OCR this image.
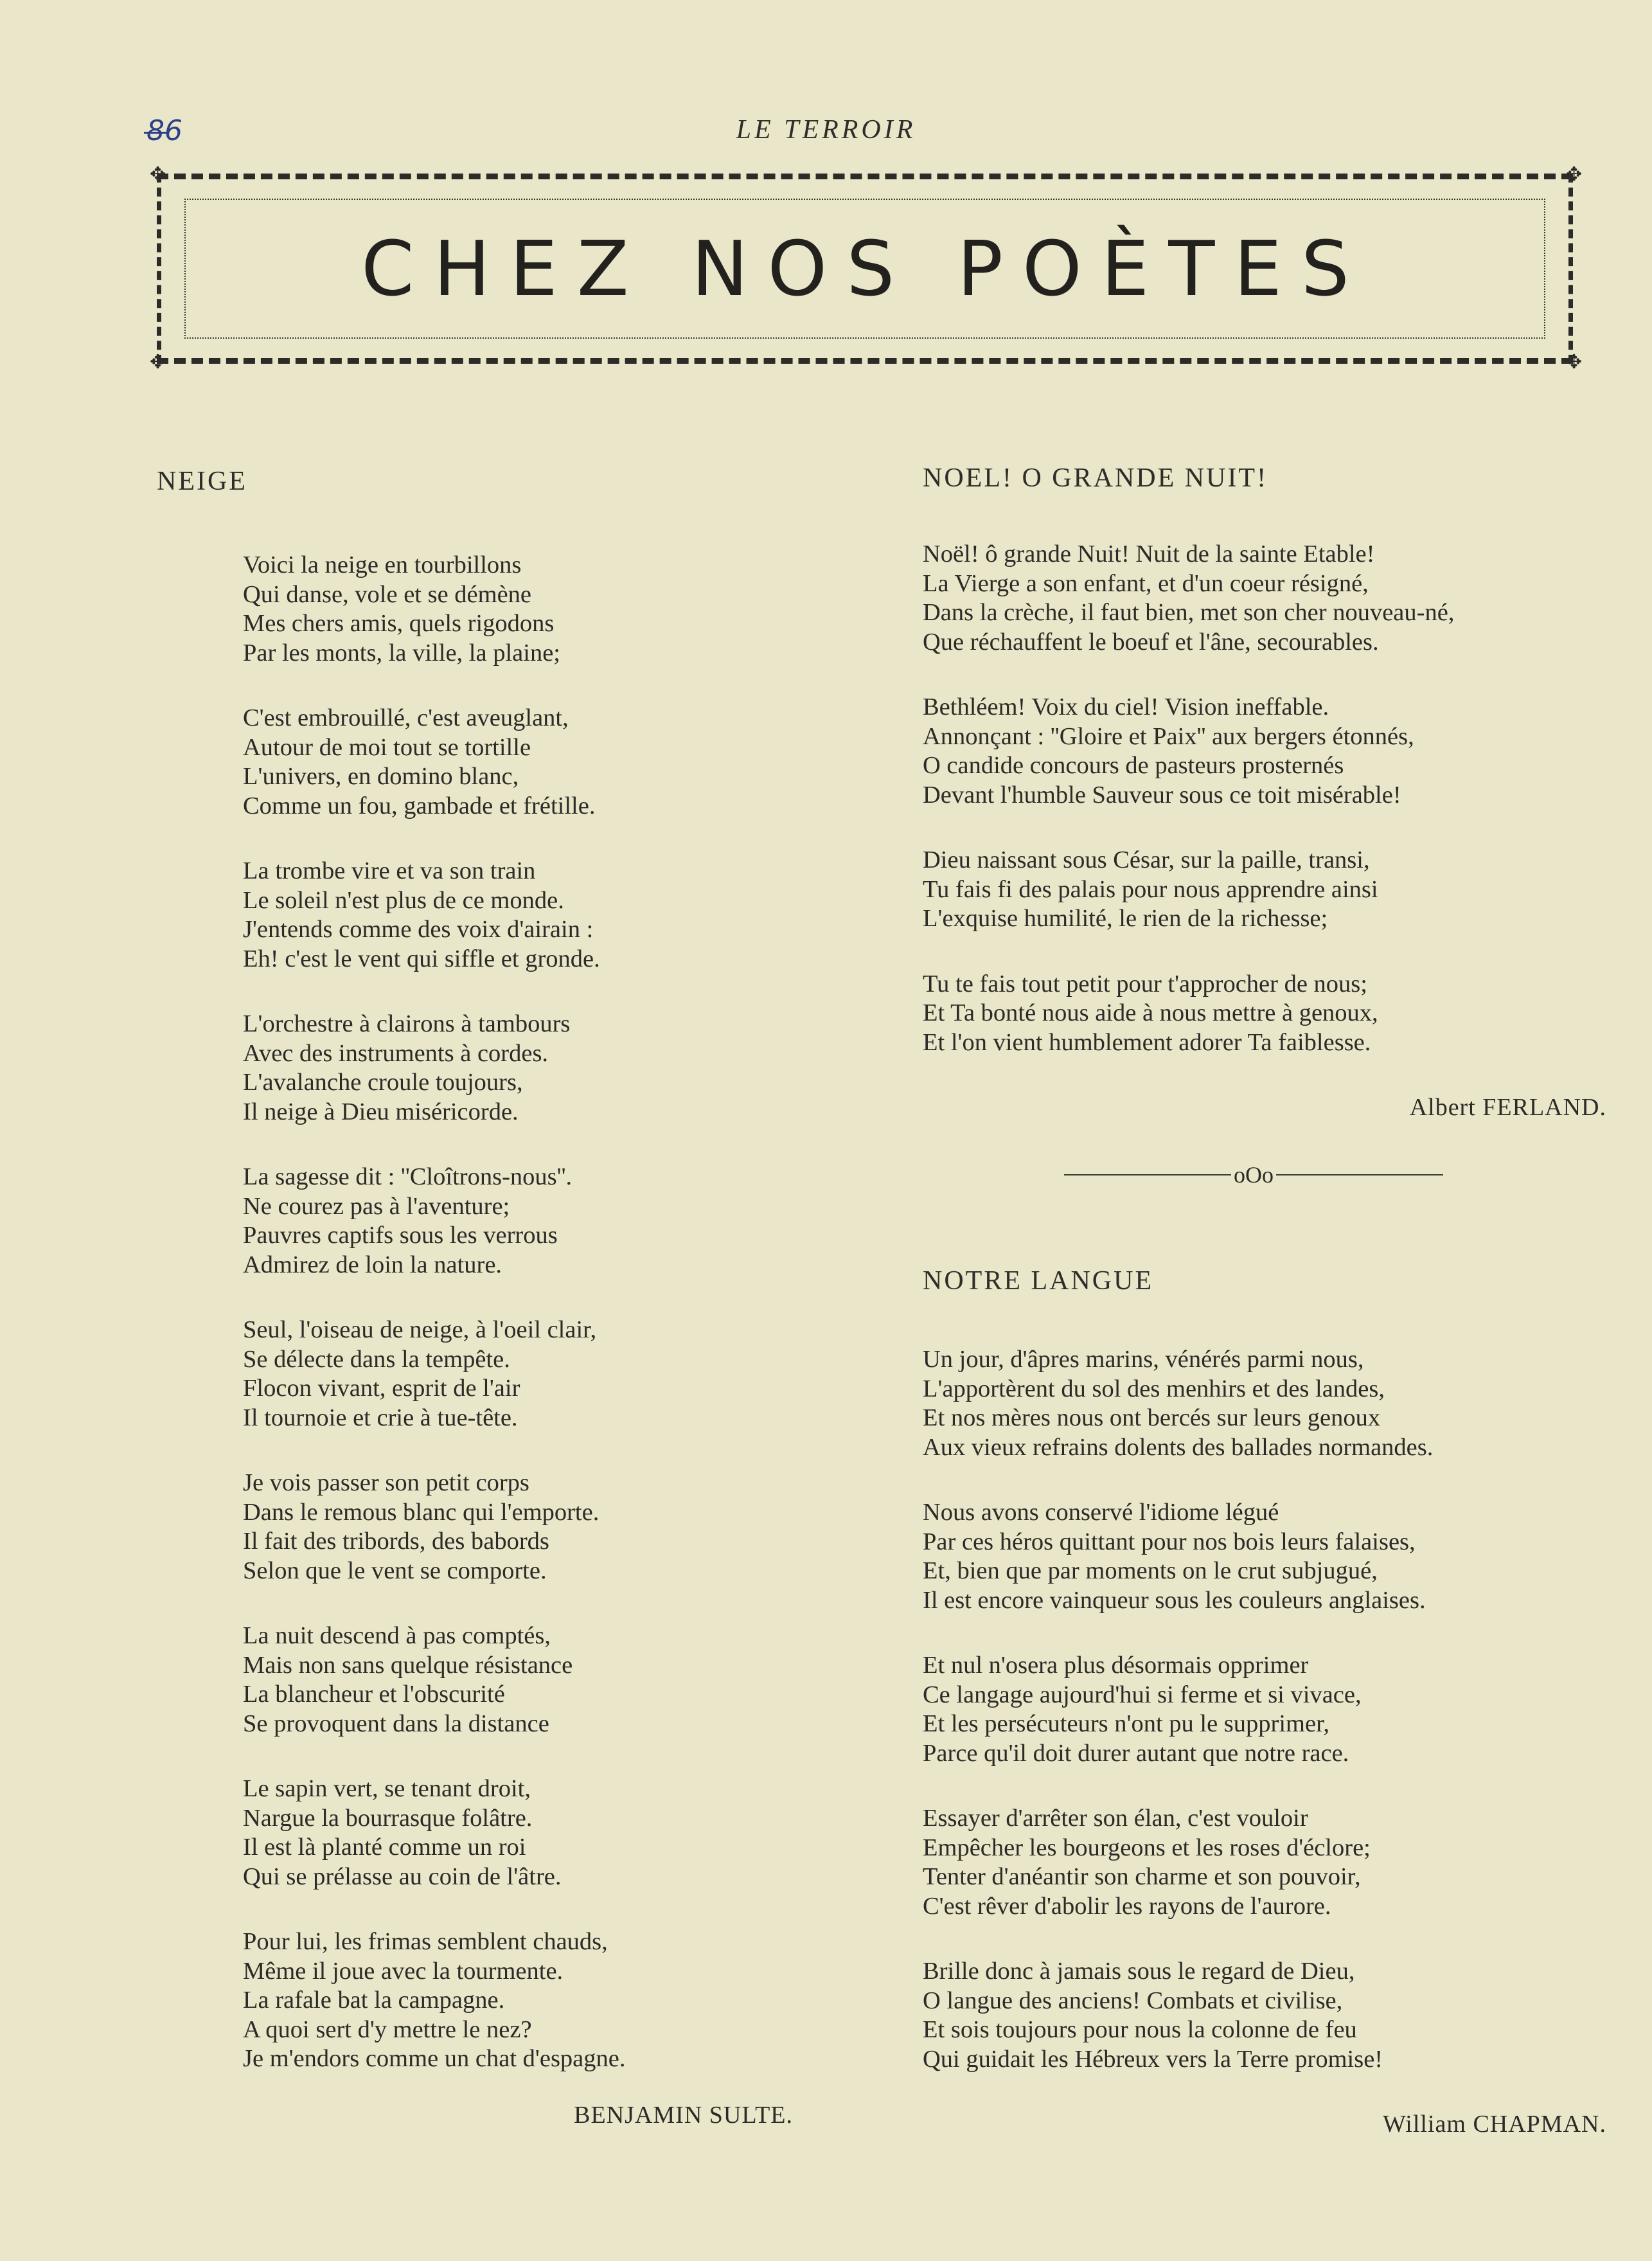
86	LE TERROIR
✥	✥
✥	✥
CHEZ NOS POÈTES
NEIGE
Voici la neige en tourbillons
Qui danse, vole et se démène
Mes chers amis, quels rigodons
Par les monts, la ville, la plaine;
C'est embrouillé, c'est aveuglant,
Autour de moi tout se tortille
L'univers, en domino blanc,
Comme un fou, gambade et frétille.
La trombe vire et va son train
Le soleil n'est plus de ce monde.
J'entends comme des voix d'airain :
Eh! c'est le vent qui siffle et gronde.
L'orchestre à clairons à tambours
Avec des instruments à cordes.
L'avalanche croule toujours,
Il neige à Dieu miséricorde.
La sagesse dit : ''Cloîtrons-nous''.
Ne courez pas à l'aventure;
Pauvres captifs sous les verrous
Admirez de loin la nature.
Seul, l'oiseau de neige, à l'oeil clair,
Se délecte dans la tempête.
Flocon vivant, esprit de l'air
Il tournoie et crie à tue-tête.
Je vois passer son petit corps
Dans le remous blanc qui l'emporte.
Il fait des tribords, des babords
Selon que le vent se comporte.
La nuit descend à pas comptés,
Mais non sans quelque résistance
La blancheur et l'obscurité
Se provoquent dans la distance
Le sapin vert, se tenant droit,
Nargue la bourrasque folâtre.
Il est là planté comme un roi
Qui se prélasse au coin de l'âtre.
Pour lui, les frimas semblent chauds,
Même il joue avec la tourmente.
La rafale bat la campagne.
A quoi sert d'y mettre le nez?
Je m'endors comme un chat d'espagne.
BENJAMIN SULTE.
NOEL! O GRANDE NUIT!
Noël! ô grande Nuit! Nuit de la sainte Etable!
La Vierge a son enfant, et d'un coeur résigné,
Dans la crèche, il faut bien, met son cher nouveau-né,
Que réchauffent le boeuf et l'âne, secourables.
Bethléem! Voix du ciel! Vision ineffable.
Annonçant : ''Gloire et Paix'' aux bergers étonnés,
O candide concours de pasteurs prosternés
Devant l'humble Sauveur sous ce toit misérable!
Dieu naissant sous César, sur la paille, transi,
Tu fais fi des palais pour nous apprendre ainsi
L'exquise humilité, le rien de la richesse;
Tu te fais tout petit pour t'approcher de nous;
Et Ta bonté nous aide à nous mettre à genoux,
Et l'on vient humblement adorer Ta faiblesse.
Albert FERLAND.
oOo
NOTRE LANGUE
Un jour, d'âpres marins, vénérés parmi nous,
L'apportèrent du sol des menhirs et des landes,
Et nos mères nous ont bercés sur leurs genoux
Aux vieux refrains dolents des ballades normandes.
Nous avons conservé l'idiome légué
Par ces héros quittant pour nos bois leurs falaises,
Et, bien que par moments on le crut subjugué,
Il est encore vainqueur sous les couleurs anglaises.
Et nul n'osera plus désormais opprimer
Ce langage aujourd'hui si ferme et si vivace,
Et les persécuteurs n'ont pu le supprimer,
Parce qu'il doit durer autant que notre race.
Essayer d'arrêter son élan, c'est vouloir
Empêcher les bourgeons et les roses d'éclore;
Tenter d'anéantir son charme et son pouvoir,
C'est rêver d'abolir les rayons de l'aurore.
Brille donc à jamais sous le regard de Dieu,
O langue des anciens! Combats et civilise,
Et sois toujours pour nous la colonne de feu
Qui guidait les Hébreux vers la Terre promise!
William CHAPMAN.
